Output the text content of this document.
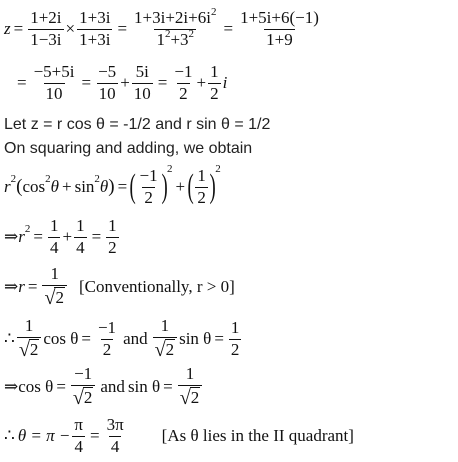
$z = \frac{1+2i}{1-3i} \times \frac{1+3i}{1+3i} = \frac{1+3i+2i+6i^2}{1^2+3^2} = \frac{1+5i+6(-1)}{1+9}$
= $\frac{-5+5i}{10} = \frac{-5}{10} + \frac{5i}{10} = \frac{-1}{2} + \frac{1}{2}$ i
Let z = r cos θ = -1/2 and r sin θ = 1/2
On squaring and adding, we obtain
r 2 ( cos 2 θ + sin 2 θ ) = ( $\frac{-1}{2}$ ) 2
+ ( $\frac{1}{2}$ ) 2
⇒ r $2 = \frac{1}{4} + \frac{1}{4} = \frac{1}{2}$
⇒ $r = \frac{1}{√ 2}$ [Conventionally, r > 0]
∴ $\frac{1}{√ 2}$ $\cos \theta = \frac{-1}{2}$ and $\frac{1}{√ 2}$ $\sin \theta = \frac{1}{2}$
⇒ $\cos \theta = \frac{-1}{√ 2}$ and $\sin \theta = \frac{1}{√ 2}$
∴ $\theta = \pi - \frac{\pi}{4} = \frac{3\pi}{4} [As$ θ lies in the II quadrant]
